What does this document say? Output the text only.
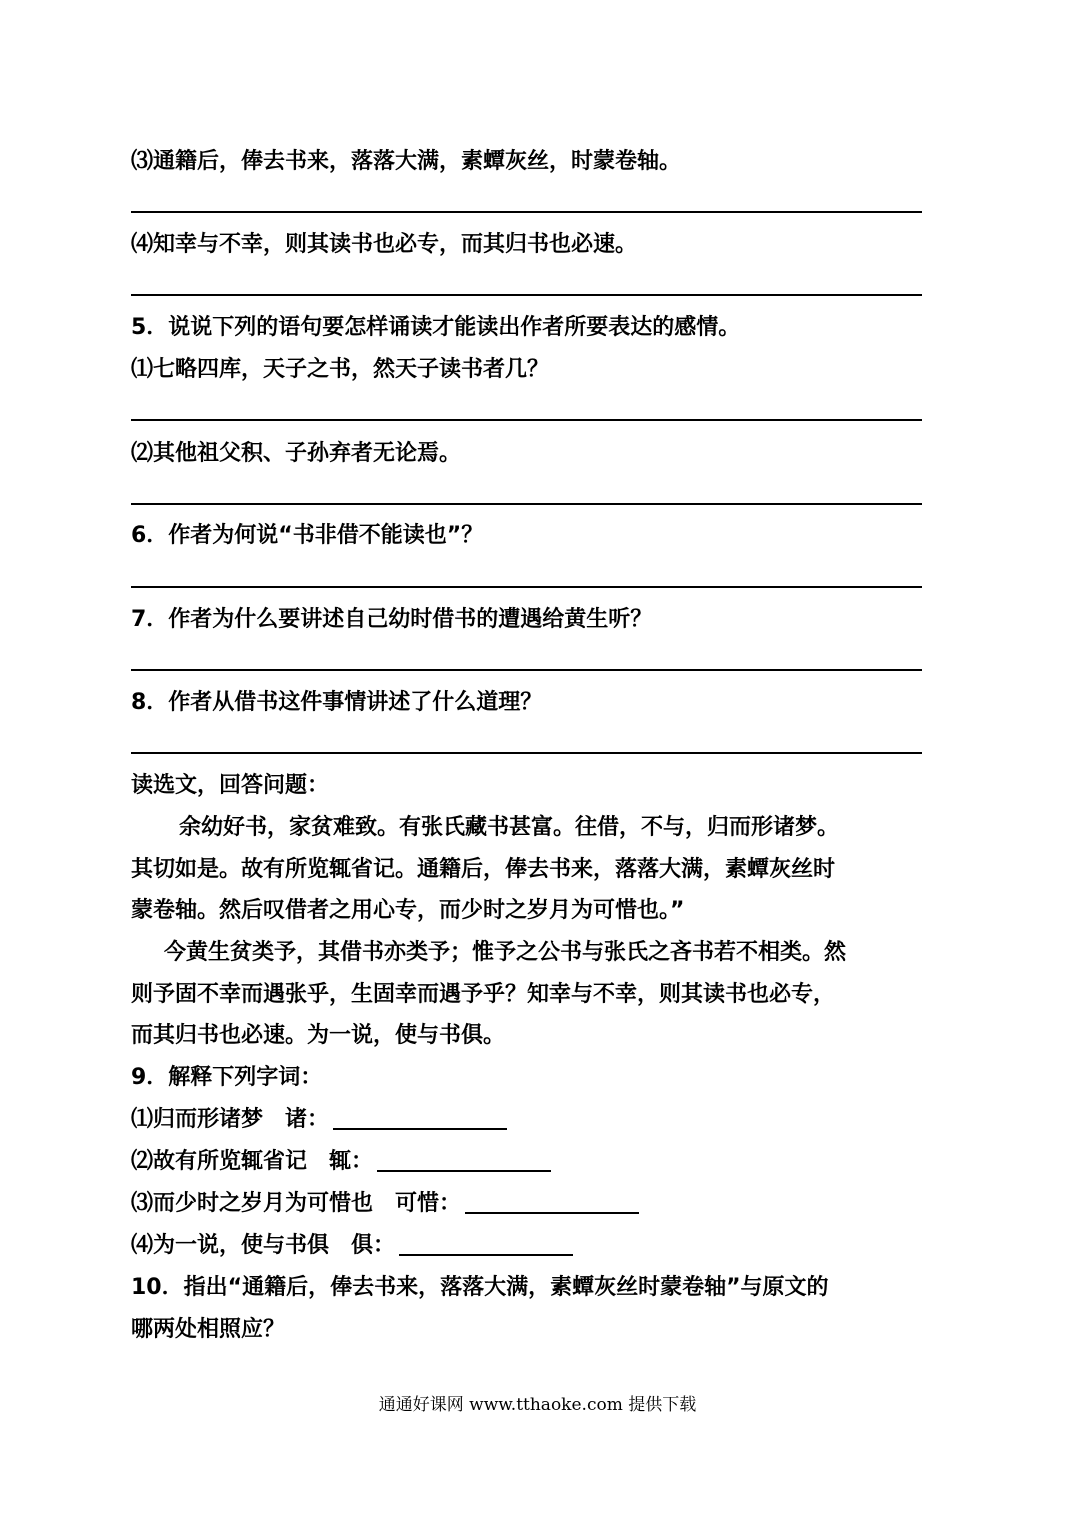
⑶通籍后，俸去书来，落落大满，素蟫灰丝，时蒙卷轴。
⑷知幸与不幸，则其读书也必专，而其归书也必速。
5．说说下列的语句要怎样诵读才能读出作者所要表达的感情。
⑴七略四库，天子之书，然天子读书者几？
⑵其他祖父积、子孙弃者无论焉。
6．作者为何说“书非借不能读也”？
7．作者为什么要讲述自己幼时借书的遭遇给黄生听？
8．作者从借书这件事情讲述了什么道理？
读选文，回答问题：
余幼好书，家贫难致。有张氏藏书甚富。往借，不与，归而形诸梦。
其切如是。故有所览辄省记。通籍后，俸去书来，落落大满，素蟫灰丝时
蒙卷轴。然后叹借者之用心专，而少时之岁月为可惜也。”
今黄生贫类予，其借书亦类予；惟予之公书与张氏之吝书若不相类。然
则予固不幸而遇张乎，生固幸而遇予乎？知幸与不幸，则其读书也必专，
而其归书也必速。为一说，使与书俱。
9．解释下列字词：
⑴归而形诸梦　诸：
⑵故有所览辄省记　辄：
⑶而少时之岁月为可惜也　可惜：
⑷为一说，使与书俱　俱：
10．指出“通籍后，俸去书来，落落大满，素蟫灰丝时蒙卷轴”与原文的
哪两处相照应？
通通好课网 www.tthaoke.com 提供下载
